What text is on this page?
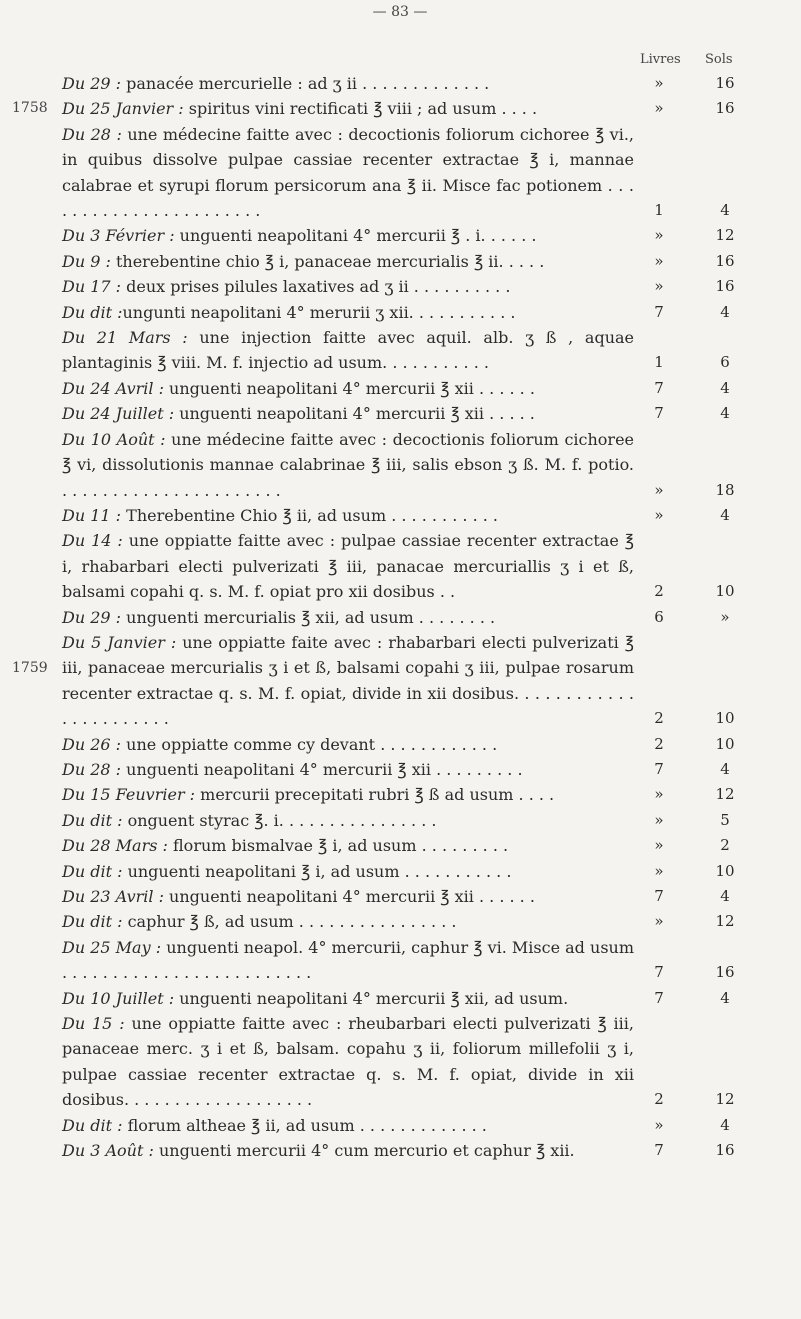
— 83 —
Livres Sols
1758
1759
Du 29 : panacée mercurielle : ad ʒ ii . . . . . . . . . . . . .	»	16
Du 25 Janvier : spiritus vini rectificati ℥ viii ; ad usum . . . .	»	16
Du 28 : une médecine faitte avec : decoctionis foliorum cichoree ℥ vi., in quibus dissolve pulpae cassiae recenter extractae ℥ i, mannae calabrae et syrupi florum persicorum ana ℥ ii. Misce fac potionem . . . . . . . . . . . . . . . . . . . . . . .	1	4
Du 3 Février : unguenti neapolitani 4° mercurii ℥ . i. . . . . .	»	12
Du 9 : therebentine chio ℥ i, panaceae mercurialis ℥ ii. . . . .	»	16
Du 17 : deux prises pilules laxatives ad ʒ ii . . . . . . . . . .	»	16
Du dit :ungunti neapolitani 4° merurii ʒ xii. . . . . . . . . . .	7	4
Du 21 Mars : une injection faitte avec aquil. alb. ʒ ß , aquae plantaginis ℥ viii. M. f. injectio ad usum. . . . . . . . . . .	1	6
Du 24 Avril : unguenti neapolitani 4° mercurii ℥ xii . . . . . .	7	4
Du 24 Juillet : unguenti neapolitani 4° mercurii ℥ xii . . . . .	7	4
Du 10 Août : une médecine faitte avec : decoctionis foliorum cichoree ℥ vi, dissolutionis mannae calabrinae ℥ iii, salis ebson ʒ ß. M. f. potio. . . . . . . . . . . . . . . . . . . . . . .	»	18
Du 11 : Therebentine Chio ℥ ii, ad usum . . . . . . . . . . .	»	4
Du 14 : une oppiatte faitte avec : pulpae cassiae recenter extractae ℥ i, rhabarbari electi pulverizati ℥ iii, panacae mercuriallis ʒ i et ß, balsami copahi q. s. M. f. opiat pro xii dosibus . .	2	10
Du 29 : unguenti mercurialis ℥ xii, ad usum . . . . . . . .	6	»
Du 5 Janvier : une oppiatte faite avec : rhabarbari electi pulverizati ℥ iii, panaceae mercurialis ʒ i et ß, balsami copahi ʒ iii, pulpae rosarum recenter extractae q. s. M. f. opiat, divide in xii dosibus. . . . . . . . . . . . . . . . . . . . . . .	2	10
Du 26 : une oppiatte comme cy devant . . . . . . . . . . . .	2	10
Du 28 : unguenti neapolitani 4° mercurii ℥ xii . . . . . . . . .	7	4
Du 15 Feuvrier : mercurii precepitati rubri ℥ ß ad usum . . . .	»	12
Du dit : onguent styrac ℥. i. . . . . . . . . . . . . . . .	»	5
Du 28 Mars : florum bismalvae ℥ i, ad usum . . . . . . . . .	»	2
Du dit : unguenti neapolitani ℥ i, ad usum . . . . . . . . . . .	»	10
Du 23 Avril : unguenti neapolitani 4° mercurii ℥ xii . . . . . .	7	4
Du dit : caphur ℥ ß, ad usum . . . . . . . . . . . . . . . .	»	12
Du 25 May : unguenti neapol. 4° mercurii, caphur ℥ vi. Misce ad usum . . . . . . . . . . . . . . . . . . . . . . . . .	7	16
Du 10 Juillet : unguenti neapolitani 4° mercurii ℥ xii, ad usum.	7	4
Du 15 : une oppiatte faitte avec : rheubarbari electi pulverizati ℥ iii, panaceae merc. ʒ i et ß, balsam. copahu ʒ ii, foliorum millefolii ʒ i, pulpae cassiae recenter extractae q. s. M. f. opiat, divide in xii dosibus. . . . . . . . . . . . . . . . . . .	2	12
Du dit : florum altheae ℥ ii, ad usum . . . . . . . . . . . . .	»	4
Du 3 Août : unguenti mercurii 4° cum mercurio et caphur ℥ xii.	7	16
